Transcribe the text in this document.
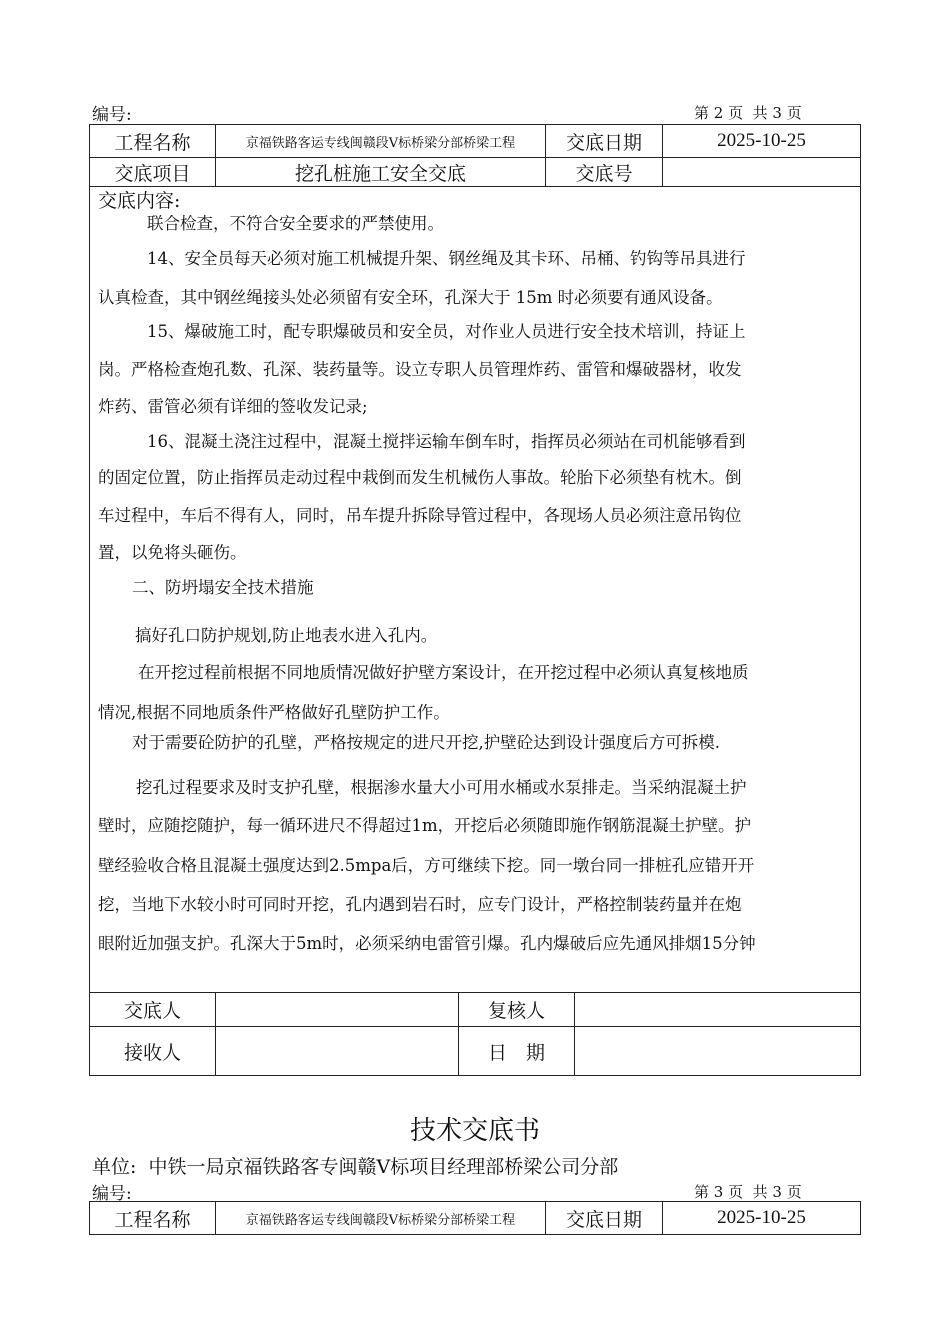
编号:	第 2 页  共 3 页
工程名称	京福铁路客运专线闽赣段Ⅴ标桥梁分部桥梁工程	交底日期	2025-10-25
交底项目	挖孔桩施工安全交底	交底号	
交底内容:
联合检查，不符合安全要求的严禁使用。
14、安全员每天必须对施工机械提升架、钢丝绳及其卡环、吊桶、钓钩等吊具进行
认真检查，其中钢丝绳接头处必须留有安全环，孔深大于 15m 时必须要有通风设备。
15、爆破施工时，配专职爆破员和安全员，对作业人员进行安全技术培训，持证上
岗。严格检查炮孔数、孔深、装药量等。设立专职人员管理炸药、雷管和爆破器材，收发
炸药、雷管必须有详细的签收发记录;
16、混凝土浇注过程中，混凝土搅拌运输车倒车时，指挥员必须站在司机能够看到
的固定位置，防止指挥员走动过程中栽倒而发生机械伤人事故。轮胎下必须垫有枕木。倒
车过程中，车后不得有人，同时，吊车提升拆除导管过程中，各现场人员必须注意吊钩位
置，以免将头砸伤。
二、防坍塌安全技术措施
搞好孔口防护规划,防止地表水进入孔内。
在开挖过程前根据不同地质情况做好护壁方案设计，在开挖过程中必须认真复核地质
情况,根据不同地质条件严格做好孔壁防护工作。
对于需要砼防护的孔壁，严格按规定的进尺开挖,护壁砼达到设计强度后方可拆模.
挖孔过程要求及时支护孔壁，根据渗水量大小可用水桶或水泵排走。当采纳混凝土护
壁时，应随挖随护，每一循环进尺不得超过1m，开挖后必须随即施作钢筋混凝土护壁。护
壁经验收合格且混凝土强度达到2.5mpa后，方可继续下挖。同一墩台同一排桩孔应错开开
挖，当地下水较小时可同时开挖，孔内遇到岩石时，应专门设计，严格控制装药量并在炮
眼附近加强支护。孔深大于5m时，必须采纳电雷管引爆。孔内爆破后应先通风排烟15分钟
交底人		复核人	
接收人		日　期	
技术交底书
单位:  中铁一局京福铁路客专闽赣Ⅴ标项目经理部桥梁公司分部
编号:	第 3 页  共 3 页
工程名称	京福铁路客运专线闽赣段Ⅴ标桥梁分部桥梁工程	交底日期	2025-10-25
